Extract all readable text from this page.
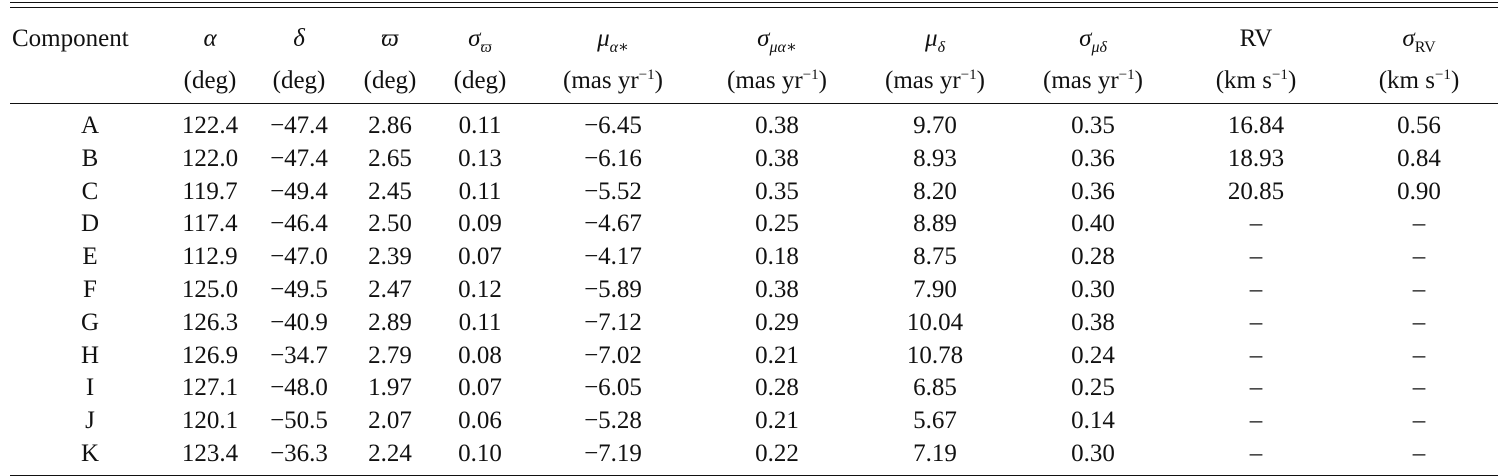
Component	α	δ	ϖ	$\sigma_ϖ$	$\mu_{\alpha∗}$	$\sigma_{\mu\alpha∗}$	$\mu_\delta$	$\sigma_{\mu\delta}$	RV	$\sigma_{RV}$
	(deg)	(deg)	(deg)	(deg)	(mas $yr^{-1}$)	(mas $yr^{-1}$)	(mas $yr^{-1}$)	(mas $yr^{-1}$)	(km $s^{-1}$)	(km $s^{-1}$)
A	122.4	−47.4	2.86	0.11	−6.45	0.38	9.70	0.35	16.84	0.56
B	122.0	−47.4	2.65	0.13	−6.16	0.38	8.93	0.36	18.93	0.84
C	119.7	−49.4	2.45	0.11	−5.52	0.35	8.20	0.36	20.85	0.90
D	117.4	−46.4	2.50	0.09	−4.67	0.25	8.89	0.40	–	–
E	112.9	−47.0	2.39	0.07	−4.17	0.18	8.75	0.28	–	–
F	125.0	−49.5	2.47	0.12	−5.89	0.38	7.90	0.30	–	–
G	126.3	−40.9	2.89	0.11	−7.12	0.29	10.04	0.38	–	–
H	126.9	−34.7	2.79	0.08	−7.02	0.21	10.78	0.24	–	–
I	127.1	−48.0	1.97	0.07	−6.05	0.28	6.85	0.25	–	–
J	120.1	−50.5	2.07	0.06	−5.28	0.21	5.67	0.14	–	–
K	123.4	−36.3	2.24	0.10	−7.19	0.22	7.19	0.30	–	–
